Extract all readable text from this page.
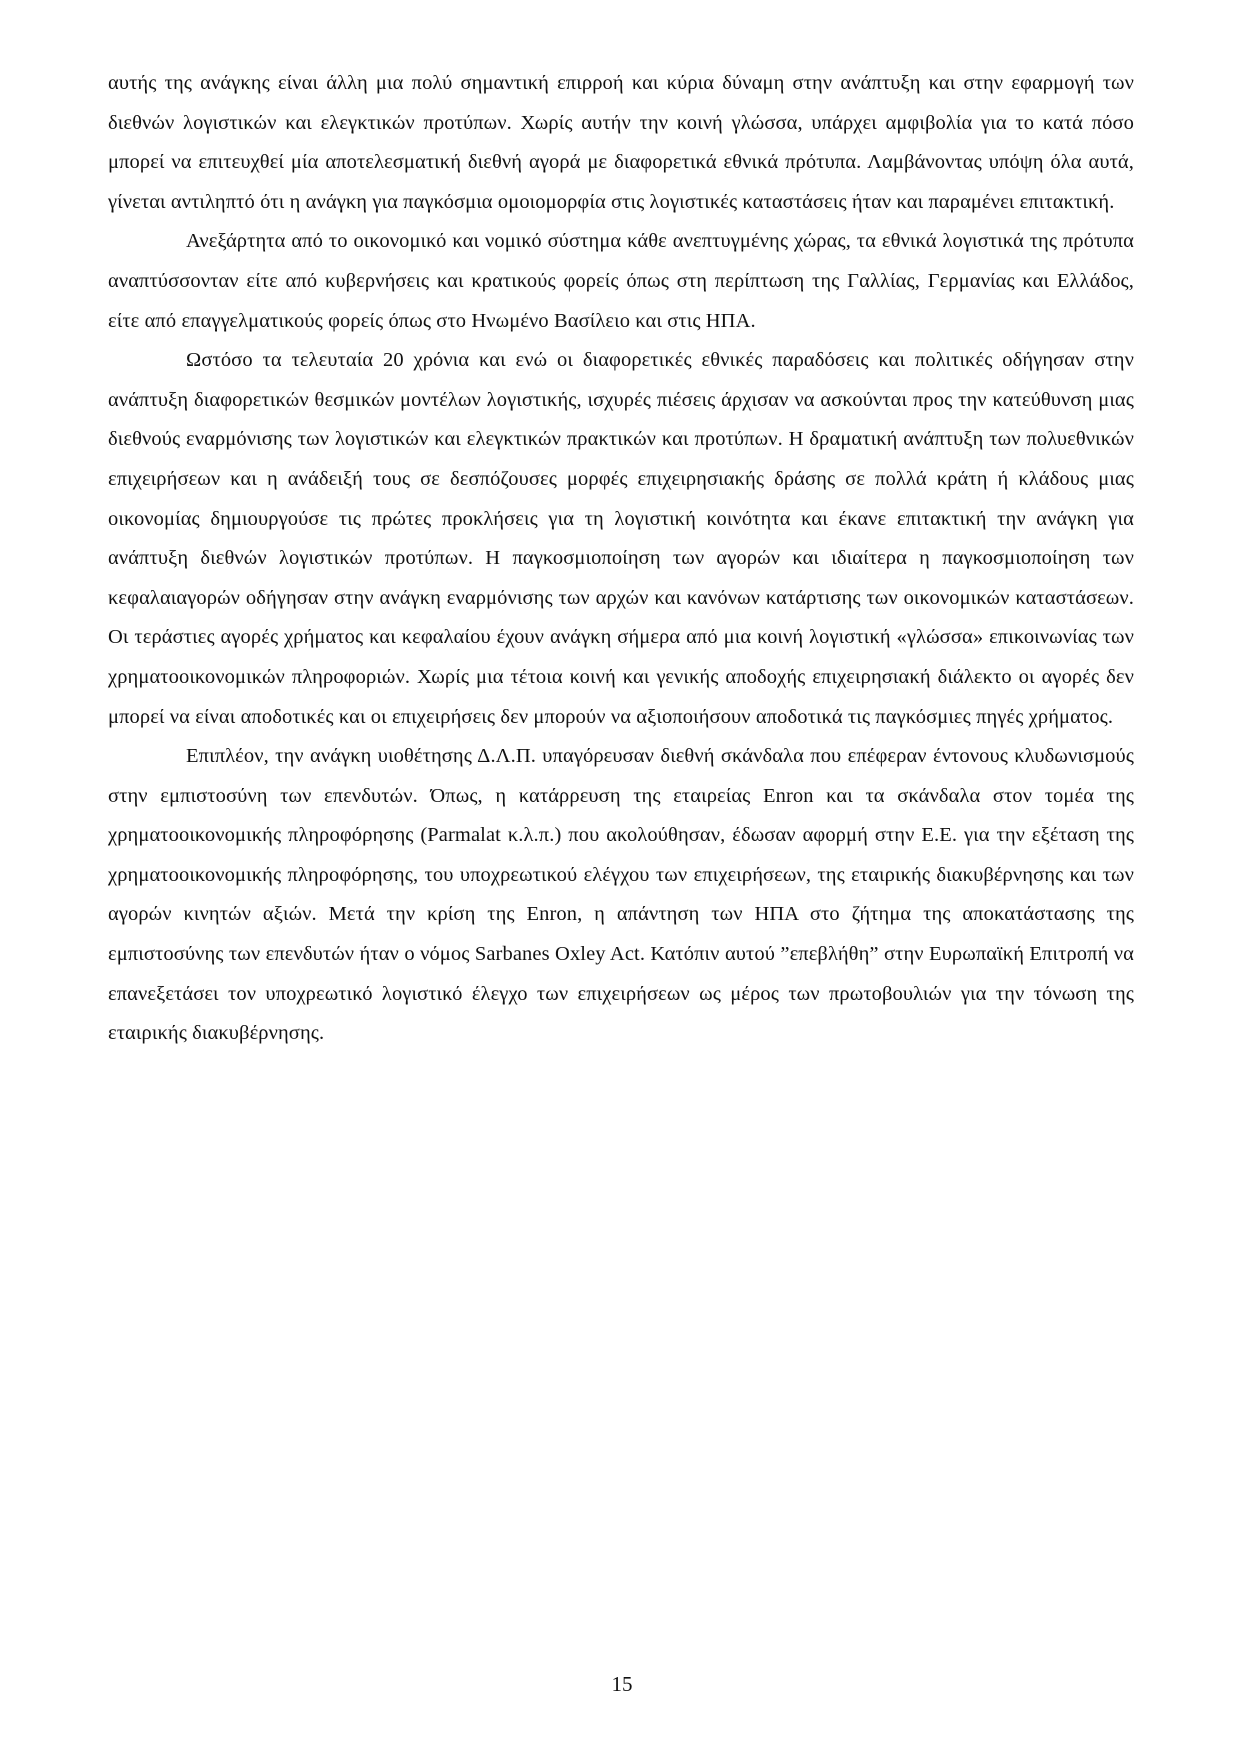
αυτής της ανάγκης είναι άλλη μια πολύ σημαντική επιρροή και κύρια δύναμη στην ανάπτυξη και στην εφαρμογή των διεθνών λογιστικών και ελεγκτικών προτύπων. Χωρίς αυτήν την κοινή γλώσσα, υπάρχει αμφιβολία για το κατά πόσο μπορεί να επιτευχθεί μία αποτελεσματική διεθνή αγορά με διαφορετικά εθνικά πρότυπα. Λαμβάνοντας υπόψη όλα αυτά, γίνεται αντιληπτό ότι η ανάγκη για παγκόσμια ομοιομορφία στις λογιστικές καταστάσεις ήταν και παραμένει επιτακτική.

Ανεξάρτητα από το οικονομικό και νομικό σύστημα κάθε ανεπτυγμένης χώρας, τα εθνικά λογιστικά της πρότυπα αναπτύσσονταν είτε από κυβερνήσεις και κρατικούς φορείς όπως στη περίπτωση της Γαλλίας, Γερμανίας και Ελλάδος, είτε από επαγγελματικούς φορείς όπως στο Ηνωμένο Βασίλειο και στις ΗΠΑ.

Ωστόσο τα τελευταία 20 χρόνια και ενώ οι διαφορετικές εθνικές παραδόσεις και πολιτικές οδήγησαν στην ανάπτυξη διαφορετικών θεσμικών μοντέλων λογιστικής, ισχυρές πιέσεις άρχισαν να ασκούνται προς την κατεύθυνση μιας διεθνούς εναρμόνισης των λογιστικών και ελεγκτικών πρακτικών και προτύπων. Η δραματική ανάπτυξη των πολυεθνικών επιχειρήσεων και η ανάδειξή τους σε δεσπόζουσες μορφές επιχειρησιακής δράσης σε πολλά κράτη ή κλάδους μιας οικονομίας δημιουργούσε τις πρώτες προκλήσεις για τη λογιστική κοινότητα και έκανε επιτακτική την ανάγκη για ανάπτυξη διεθνών λογιστικών προτύπων. Η παγκοσμιοποίηση των αγορών και ιδιαίτερα η παγκοσμιοποίηση των κεφαλαιαγορών οδήγησαν στην ανάγκη εναρμόνισης των αρχών και κανόνων κατάρτισης των οικονομικών καταστάσεων. Οι τεράστιες αγορές χρήματος και κεφαλαίου έχουν ανάγκη σήμερα από μια κοινή λογιστική «γλώσσα» επικοινωνίας των χρηματοοικονομικών πληροφοριών. Χωρίς μια τέτοια κοινή και γενικής αποδοχής επιχειρησιακή διάλεκτο οι αγορές δεν μπορεί να είναι αποδοτικές και οι επιχειρήσεις δεν μπορούν να αξιοποιήσουν αποδοτικά τις παγκόσμιες πηγές χρήματος.

Επιπλέον, την ανάγκη υιοθέτησης Δ.Λ.Π. υπαγόρευσαν διεθνή σκάνδαλα που επέφεραν έντονους κλυδωνισμούς στην εμπιστοσύνη των επενδυτών. Όπως, η κατάρρευση της εταιρείας Enron και τα σκάνδαλα στον τομέα της χρηματοοικονομικής πληροφόρησης (Parmalat κ.λ.π.) που ακολούθησαν, έδωσαν αφορμή στην Ε.Ε. για την εξέταση της χρηματοοικονομικής πληροφόρησης, του υποχρεωτικού ελέγχου των επιχειρήσεων, της εταιρικής διακυβέρνησης και των αγορών κινητών αξιών. Μετά την κρίση της Enron, η απάντηση των ΗΠΑ στο ζήτημα της αποκατάστασης της εμπιστοσύνης των επενδυτών ήταν ο νόμος Sarbanes Oxley Act. Κατόπιν αυτού ”επεβλήθη” στην Ευρωπαϊκή Επιτροπή να επανεξετάσει τον υποχρεωτικό λογιστικό έλεγχο των επιχειρήσεων ως μέρος των πρωτοβουλιών για την τόνωση της εταιρικής διακυβέρνησης.

15
